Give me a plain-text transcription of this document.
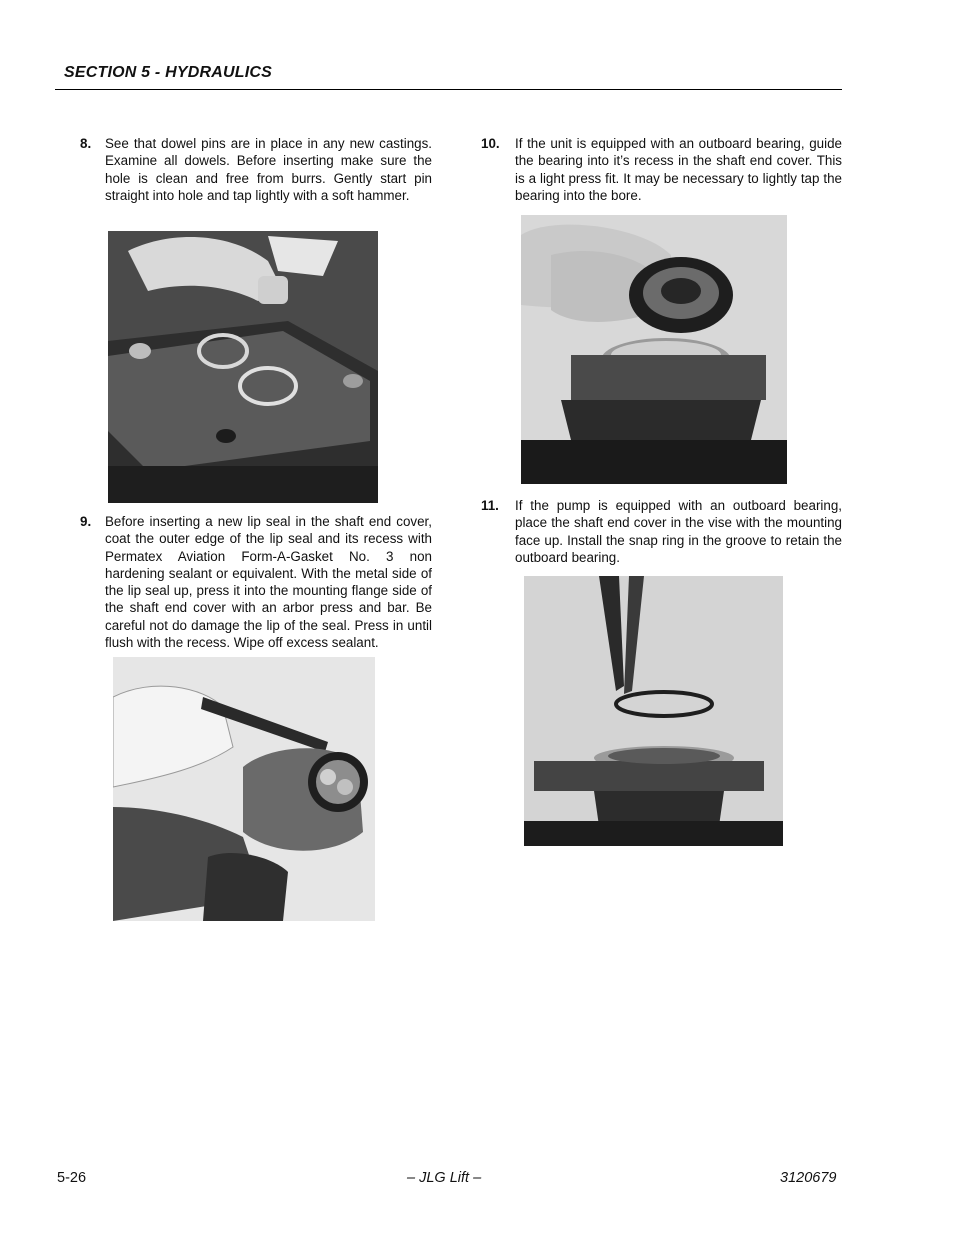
SECTION 5 - HYDRAULICS
8. See that dowel pins are in place in any new castings. Examine all dowels. Before inserting make sure the hole is clean and free from burrs. Gently start pin straight into hole and tap lightly with a soft hammer.
9. Before inserting a new lip seal in the shaft end cover, coat the outer edge of the lip seal and its recess with Permatex Aviation Form-A-Gasket No. 3 non hardening sealant or equivalent. With the metal side of the lip seal up, press it into the mounting flange side of the shaft end cover with an arbor press and bar. Be careful not do damage the lip of the seal. Press in until flush with the recess. Wipe off excess sealant.
10. If the unit is equipped with an outboard bearing, guide the bearing into it’s recess in the shaft end cover. This is a light press fit. It may be necessary to lightly tap the bearing into the bore.
11. If the pump is equipped with an outboard bearing, place the shaft end cover in the vise with the mounting face up. Install the snap ring in the groove to retain the outboard bearing.
5-26	– JLG Lift –	3120679
